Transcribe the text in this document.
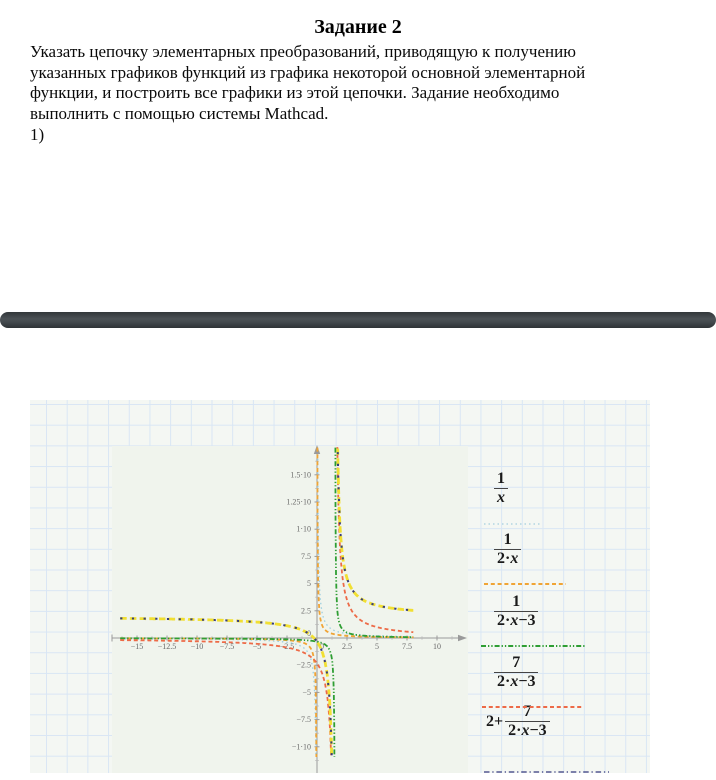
Задание 2
Указать цепочку элементарных преобразований, приводящую к получению
указанных графиков функций из графика некоторой основной элементарной
функции, и построить все графики из этой цепочки. Задание необходимо
выполнить с помощью системы Mathcad.
1)
−15 −12.5 −10 −7.5 −5 −2.5	0 2.5	5	7.5	10
1.5·10
1.25·10
1·10
7.5
5
2.5
−2.5
−5
−7.5
−1·10
0
$\frac{1}{x}$
$\frac{1}{2\cdot x}$
$\frac{1}{2\cdot x-3}$
$\frac{7}{2\cdot x-3}$
$2+ \frac{7}{2\cdot x-3}$
